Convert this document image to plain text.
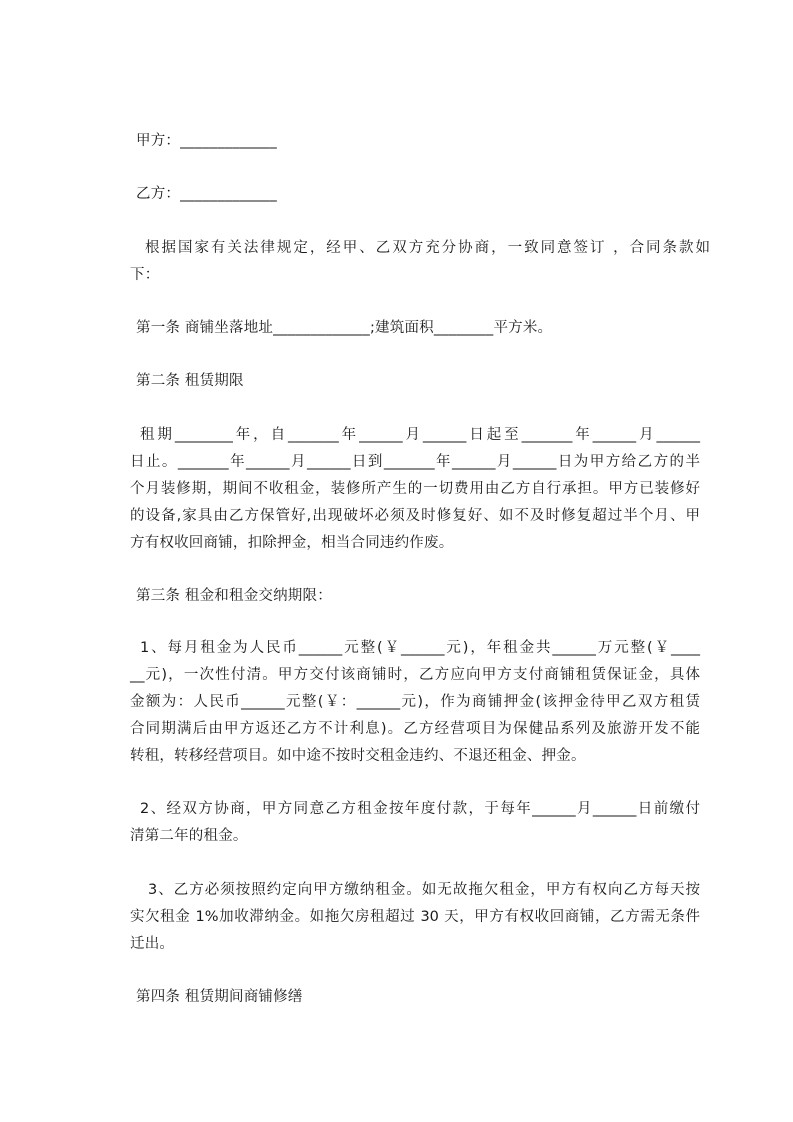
甲方：_____________
乙方：_____________
根据国家有关法律规定，经甲、乙双方充分协商，一致同意签订 ，合同条款如
下：
第一条 商铺坐落地址_____________;建筑面积________平方米。
第二条 租赁期限
租期________年，自_______年______月______日起至_______年______月______
日止。_______年______月______日到_______年______月______日为甲方给乙方的半
个月装修期，期间不收租金，装修所产生的一切费用由乙方自行承担。甲方已装修好
的设备,家具由乙方保管好,出现破坏必须及时修复好、如不及时修复超过半个月、甲
方有权收回商铺，扣除押金，相当合同违约作废。
第三条 租金和租金交纳期限：
1、每月租金为人民币______元整(￥______元)，年租金共______万元整(￥____
__元)，一次性付清。甲方交付该商铺时，乙方应向甲方支付商铺租赁保证金，具体
金额为：人民币______元整(￥：______元)，作为商铺押金(该押金待甲乙双方租赁
合同期满后由甲方返还乙方不计利息)。乙方经营项目为保健品系列及旅游开发不能
转租，转移经营项目。如中途不按时交租金违约、不退还租金、押金。
2、经双方协商，甲方同意乙方租金按年度付款，于每年______月______日前缴付
清第二年的租金。
3、乙方必须按照约定向甲方缴纳租金。如无故拖欠租金，甲方有权向乙方每天按
实欠租金 1%加收滞纳金。如拖欠房租超过 30 天，甲方有权收回商铺，乙方需无条件
迁出。
第四条 租赁期间商铺修缮
